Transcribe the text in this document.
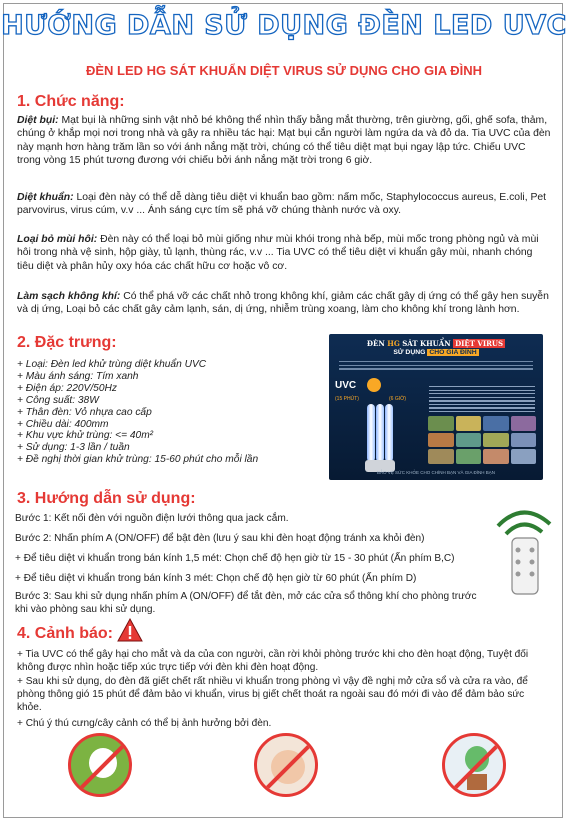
HƯỚNG DẪN SỬ DỤNG ĐÈN LED UVC
ĐÈN LED HG SÁT KHUẨN DIỆT VIRUS SỬ DỤNG CHO GIA ĐÌNH
1. Chức năng:
Diệt bụi: Mạt bụi là những sinh vật nhỏ bé không thể nhìn thấy bằng mắt thường, trên giường, gối, ghế sofa, thảm, chúng ở khắp mọi nơi trong nhà và gây ra nhiều tác hại: Mạt bụi cắn người làm ngứa da và đỏ da. Tia UVC của đèn này mạnh hơn hàng trăm lần so với ánh nắng mặt trời, chúng có thể tiêu diệt mạt bụi ngay lập tức. Chiếu UVC trong vòng 15 phút tương đương với chiếu bởi ánh nắng mặt trời trong 6 giờ.
Diệt khuẩn: Loại đèn này có thể dễ dàng tiêu diệt vi khuẩn bao gồm: nấm mốc, Staphylococcus aureus, E.coli, Pet parvovirus, virus cúm, v.v ... Ánh sáng cực tím sẽ phá vỡ chúng thành nước và oxy.
Loại bỏ mùi hôi: Đèn này có thể loại bỏ mùi giống như mùi khói trong nhà bếp, mùi mốc trong phòng ngủ và mùi hôi trong nhà vệ sinh, hộp giày, tủ lạnh, thùng rác, v.v ... Tia UVC có thể tiêu diệt vi khuẩn gây mùi, nhanh chóng tiêu diệt và phân hủy oxy hóa các chất hữu cơ hoặc vô cơ.
Làm sạch không khí: Có thể phá vỡ các chất nhỏ trong không khí, giảm các chất gây dị ứng có thể gây hen suyễn và dị ứng, Loại bỏ các chất gây cảm lạnh, sán, dị ứng, nhiễm trùng xoang, làm cho không khí trong lành hơn.
2. Đặc trưng:
+ Loại: Đèn led khử trùng diệt khuẩn UVC
+ Màu ánh sáng: Tím xanh
+ Điện áp: 220V/50Hz
+ Công suất: 38W
+ Thân đèn: Vỏ nhựa cao cấp
+ Chiều dài: 400mm
+ Khu vực khử trùng: <= 40m²
+ Sử dụng: 1-3 lần / tuần
+ Đề nghị thời gian khử trùng: 15-60 phút cho mỗi lần
ĐÈN HG SÁT KHUẨN DIỆT VIRUS
SỬ DỤNG CHO GIA ĐÌNH
UVC
(15 PHÚT)	(6 GIỜ)
BẢO VỆ SỨC KHỎE CHO CHÍNH BẠN VÀ GIA ĐÌNH BẠN
3. Hướng dẫn sử dụng:
Bước 1: Kết nối đèn với nguồn điện lưới thông qua jack cắm.
Bước 2: Nhấn phím A (ON/OFF) để bật đèn (lưu ý sau khi đèn hoạt động tránh xa khỏi đèn)
+ Để tiêu diệt vi khuẩn trong bán kính 1,5 mét: Chọn chế độ hẹn giờ từ 15 - 30 phút (Ấn phím B,C)
+ Để tiêu diệt vi khuẩn trong bán kính 3 mét: Chọn chế độ hẹn giờ từ 60 phút (Ấn phím D)
Bước 3: Sau khi sử dụng nhấn phím A (ON/OFF) để tắt đèn, mở các cửa sổ thông khí cho phòng trước khi vào phòng sau khi sử dụng.
4. Cảnh báo:
+ Tia UVC có thể gây hại cho mắt và da của con người, cần rời khỏi phòng trước khi cho đèn hoạt động, Tuyệt đối không được nhìn hoặc tiếp xúc trực tiếp với đèn khi đèn hoạt động.
+ Sau khi sử dụng, do đèn đã giết chết rất nhiều vi khuẩn trong phòng vì vậy đề nghị mở cửa sổ và cửa ra vào, để phòng thông gió 15 phút để đảm bảo vi khuẩn, virus bị giết chết thoát ra ngoài sau đó mới đi vào để đảm bảo sức khỏe.
+ Chú ý thú cưng/cây cảnh có thể bị ảnh hưởng bởi đèn.
